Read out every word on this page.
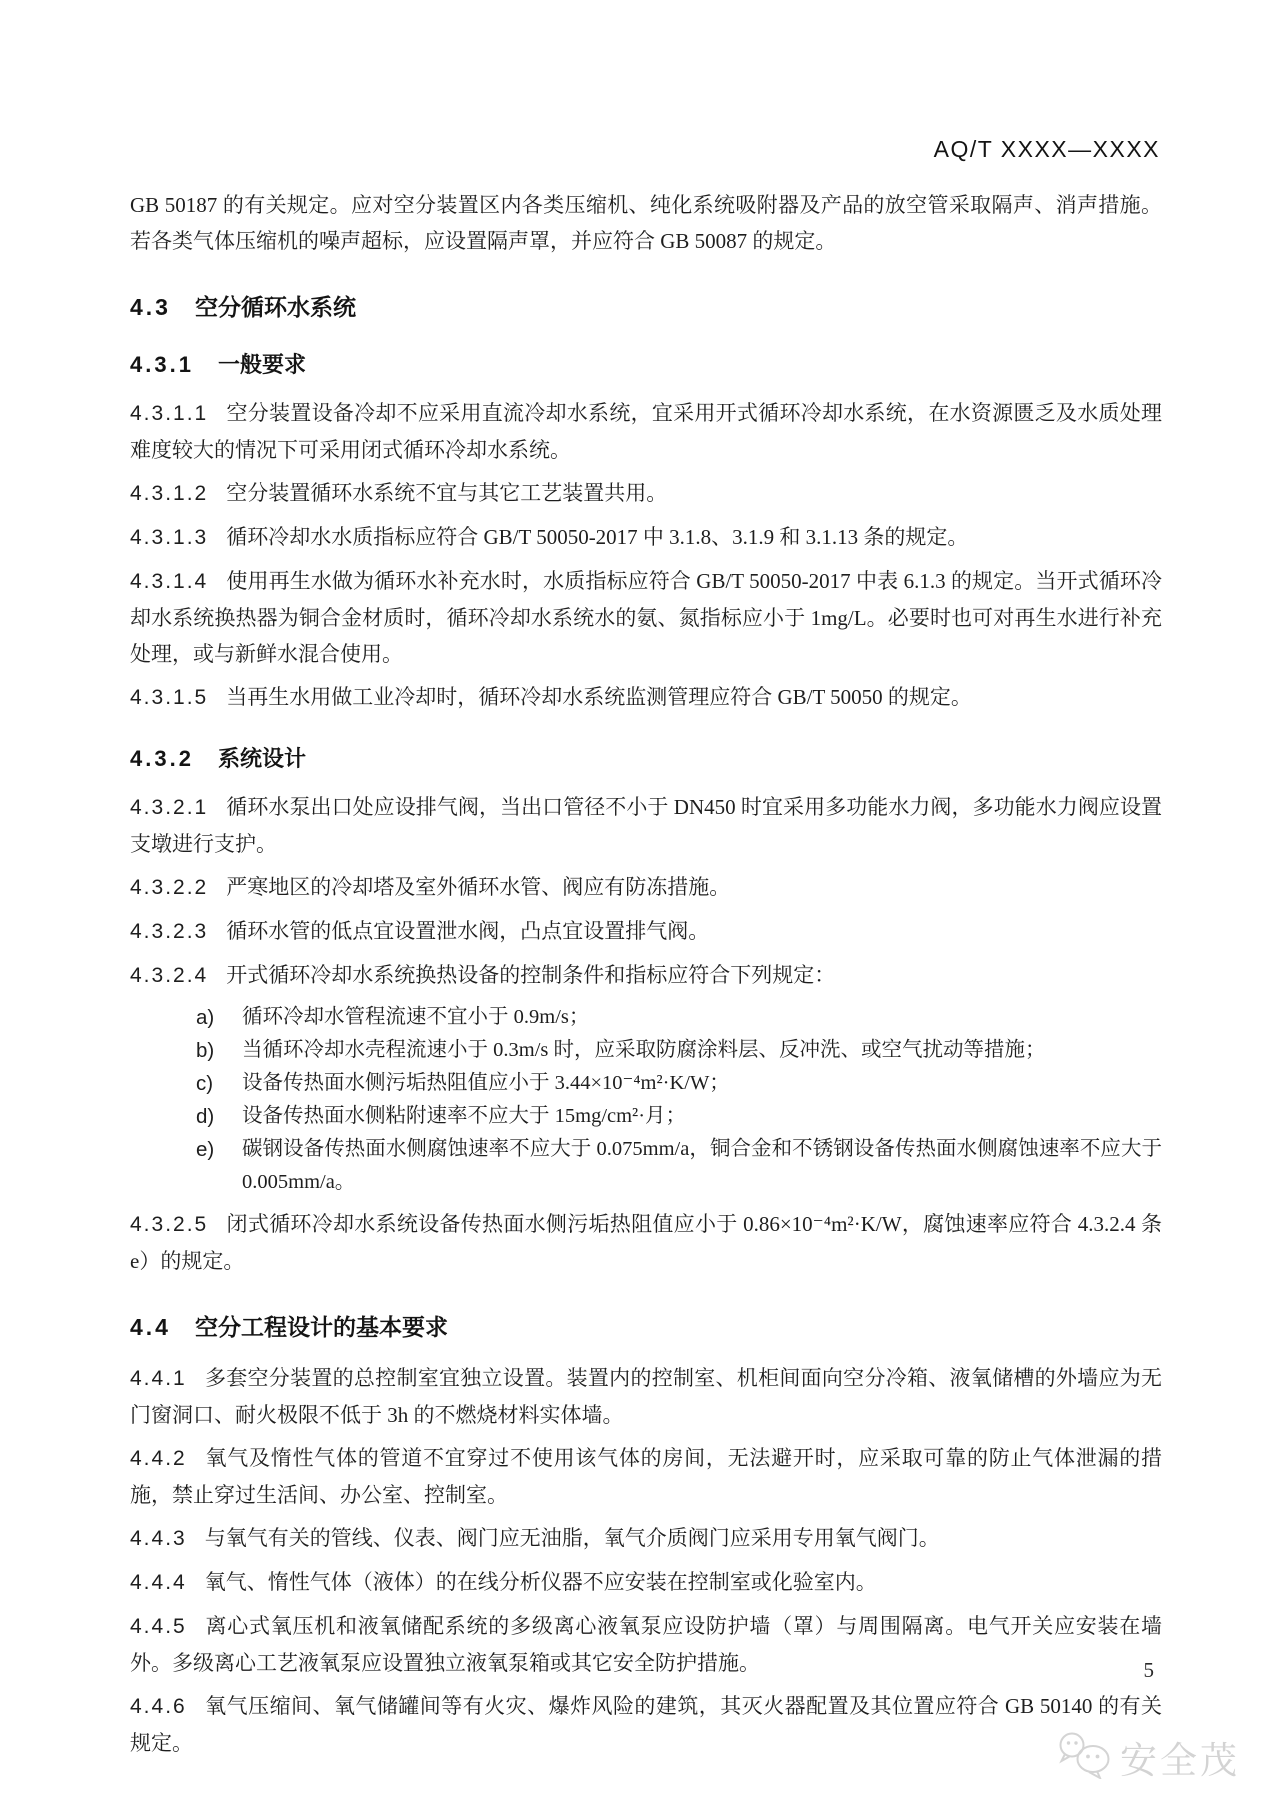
AQ/T XXXX—XXXX

GB 50187 的有关规定。应对空分装置区内各类压缩机、纯化系统吸附器及产品的放空管采取隔声、消声措施。若各类气体压缩机的噪声超标，应设置隔声罩，并应符合 GB 50087 的规定。

4.3 空分循环水系统
4.3.1 一般要求

4.3.1.1 空分装置设备冷却不应采用直流冷却水系统，宜采用开式循环冷却水系统，在水资源匮乏及水质处理难度较大的情况下可采用闭式循环冷却水系统。

4.3.1.2 空分装置循环水系统不宜与其它工艺装置共用。

4.3.1.3 循环冷却水水质指标应符合 GB/T 50050-2017 中 3.1.8、3.1.9 和 3.1.13 条的规定。

4.3.1.4 使用再生水做为循环水补充水时，水质指标应符合 GB/T 50050-2017 中表 6.1.3 的规定。当开式循环冷却水系统换热器为铜合金材质时，循环冷却水系统水的氨、氮指标应小于 1mg/L。必要时也可对再生水进行补充处理，或与新鲜水混合使用。

4.3.1.5 当再生水用做工业冷却时，循环冷却水系统监测管理应符合 GB/T 50050 的规定。

4.3.2 系统设计

4.3.2.1 循环水泵出口处应设排气阀，当出口管径不小于 DN450 时宜采用多功能水力阀，多功能水力阀应设置支墩进行支护。

4.3.2.2 严寒地区的冷却塔及室外循环水管、阀应有防冻措施。

4.3.2.3 循环水管的低点宜设置泄水阀，凸点宜设置排气阀。

4.3.2.4 开式循环冷却水系统换热设备的控制条件和指标应符合下列规定：

a)	循环冷却水管程流速不宜小于 0.9m/s；
b)	当循环冷却水壳程流速小于 0.3m/s 时，应采取防腐涂料层、反冲洗、或空气扰动等措施；
c)	设备传热面水侧污垢热阻值应小于 3.44×10⁻⁴m²·K/W；
d)	设备传热面水侧粘附速率不应大于 15mg/cm²·月；
e)	碳钢设备传热面水侧腐蚀速率不应大于 0.075mm/a，铜合金和不锈钢设备传热面水侧腐蚀速率不应大于 0.005mm/a。

4.3.2.5 闭式循环冷却水系统设备传热面水侧污垢热阻值应小于 0.86×10⁻⁴m²·K/W，腐蚀速率应符合 4.3.2.4 条 e）的规定。

4.4 空分工程设计的基本要求

4.4.1 多套空分装置的总控制室宜独立设置。装置内的控制室、机柜间面向空分冷箱、液氧储槽的外墙应为无门窗洞口、耐火极限不低于 3h 的不燃烧材料实体墙。

4.4.2 氧气及惰性气体的管道不宜穿过不使用该气体的房间，无法避开时，应采取可靠的防止气体泄漏的措施，禁止穿过生活间、办公室、控制室。

4.4.3 与氧气有关的管线、仪表、阀门应无油脂，氧气介质阀门应采用专用氧气阀门。

4.4.4 氧气、惰性气体（液体）的在线分析仪器不应安装在控制室或化验室内。

4.4.5 离心式氧压机和液氧储配系统的多级离心液氧泵应设防护墙（罩）与周围隔离。电气开关应安装在墙外。多级离心工艺液氧泵应设置独立液氧泵箱或其它安全防护措施。

4.4.6 氧气压缩间、氧气储罐间等有火灾、爆炸风险的建筑，其灭火器配置及其位置应符合 GB 50140 的有关规定。

5
安全茂
